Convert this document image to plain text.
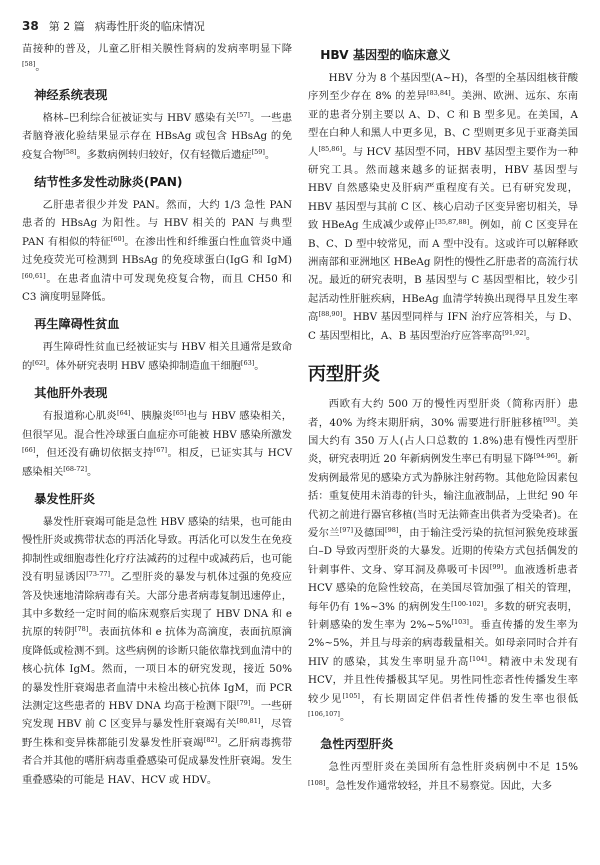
38 第 2 篇 病毒性肝炎的临床情况

苗接种的普及，儿童乙肝相关膜性肾病的发病率明显下降[58]。

神经系统表现

格林–巴利综合征被证实与 HBV 感染有关[57]。一些患者脑脊液化验结果显示存在 HBsAg 或包含 HBsAg 的免疫复合物[58]。多数病例转归较好，仅有轻微后遗症[59]。

结节性多发性动脉炎(PAN)

乙肝患者很少并发 PAN。然而，大约 1/3 急性 PAN 患者的 HBsAg 为阳性。与 HBV 相关的 PAN 与典型 PAN 有相似的特征[60]。在渗出性和纤维蛋白性血管炎中通过免疫荧光可检测到 HBsAg 的免疫球蛋白(IgG 和 IgM)[60,61]。在患者血清中可发现免疫复合物，而且 CH50 和 C3 滴度明显降低。

再生障碍性贫血

再生障碍性贫血已经被证实与 HBV 相关且通常是致命的[62]。体外研究表明 HBV 感染抑制造血干细胞[63]。

其他肝外表现

有报道称心肌炎[64]、胰腺炎[65]也与 HBV 感染相关，但很罕见。混合性冷球蛋白血症亦可能被 HBV 感染所激发[66]，但还没有确切依据支持[67]。相反，已证实其与 HCV 感染相关[68-72]。

暴发性肝炎

暴发性肝衰竭可能是急性 HBV 感染的结果，也可能由慢性肝炎或携带状态的再活化导致。再活化可以发生在免疫抑制性或细胞毒性化疗疗法减药的过程中或减药后，也可能没有明显诱因[73-77]。乙型肝炎的暴发与机体过强的免疫应答及快速地清除病毒有关。大部分患者病毒复制迅速停止，其中多数经一定时间的临床观察后实现了 HBV DNA 和 e 抗原的转阴[78]。表面抗体和 e 抗体为高滴度，表面抗原滴度降低或检测不到。这些病例的诊断只能依靠找到血清中的核心抗体 IgM。然而，一项日本的研究发现，接近 50% 的暴发性肝衰竭患者血清中未检出核心抗体 IgM，而 PCR 法测定这些患者的 HBV DNA 均高于检测下限[79]。一些研究发现 HBV 前 C 区变异与暴发性肝衰竭有关[80,81]，尽管野生株和变异株都能引发暴发性肝衰竭[82]。乙肝病毒携带者合并其他的嗜肝病毒重叠感染可促成暴发性肝衰竭。发生重叠感染的可能是 HAV、HCV 或 HDV。

HBV 基因型的临床意义

HBV 分为 8 个基因型(A~H)，各型的全基因组核苷酸序列至少存在 8% 的差异[83,84]。美洲、欧洲、远东、东南亚的患者分别主要以 A、D、C 和 B 型多见。在美国，A 型在白种人和黑人中更多见，B、C 型则更多见于亚裔美国人[85,86]。与 HCV 基因型不同，HBV 基因型主要作为一种研究工具。然而越来越多的证据表明，HBV 基因型与 HBV 自然感染史及肝病严重程度有关。已有研究发现，HBV 基因型与其前 C 区、核心启动子区变异密切相关，导致 HBeAg 生成减少或停止[35,87,88]。例如，前 C 区变异在 B、C、D 型中较常见，而 A 型中没有。这或许可以解释欧洲南部和亚洲地区 HBeAg 阴性的慢性乙肝患者的高流行状况。最近的研究表明，B 基因型与 C 基因型相比，较少引起活动性肝脏疾病，HBeAg 血清学转换出现得早且发生率高[88,90]。HBV 基因型同样与 IFN 治疗应答相关，与 D、C 基因型相比，A、B 基因型治疗应答率高[91,92]。

丙型肝炎

西欧有大约 500 万的慢性丙型肝炎（简称丙肝）患者，40% 为终末期肝病，30% 需要进行肝脏移植[93]。美国大约有 350 万人(占人口总数的 1.8%)患有慢性丙型肝炎，研究表明近 20 年新病例发生率已有明显下降[94-96]。新发病例最常见的感染方式为静脉注射药物。其他危险因素包括：重复使用未消毒的针头，输注血液制品，上世纪 90 年代初之前进行器官移植(当时无法筛查出供者为受染者)。在爱尔兰[97]及德国[98]，由于输注受污染的抗恒河猴免疫球蛋白–D 导致丙型肝炎的大暴发。近期的传染方式包括偶发的针刺事件、文身、穿耳洞及鼻吸可卡因[99]。血液透析患者 HCV 感染的危险性较高，在美国尽管加强了相关的管理，每年仍有 1%~3% 的病例发生[100-102]。多数的研究表明，针刺感染的发生率为 2%~5%[103]。垂直传播的发生率为 2%~5%，并且与母亲的病毒载量相关。如母亲同时合并有 HIV 的感染，其发生率明显升高[104]。精液中未发现有 HCV，并且性传播极其罕见。男性同性恋者性传播发生率较少见[105]，有长期固定伴侣者性传播的发生率也很低[106,107]。

急性丙型肝炎

急性丙型肝炎在美国所有急性肝炎病例中不足 15%[108]。急性发作通常较轻，并且不易察觉。因此，大多
